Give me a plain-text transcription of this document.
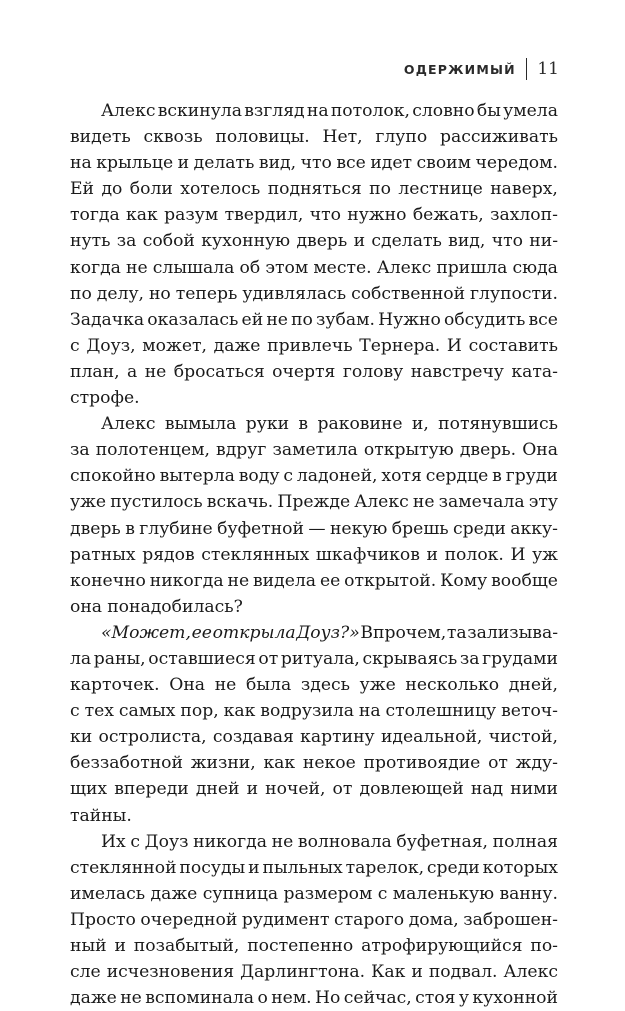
ОДЕРЖИМЫЙ 11
Алекс вскинула взгляд на потолок, словно бы умела
видеть сквозь половицы. Нет, глупо рассиживать
на крыльце и делать вид, что все идет своим чередом.
Ей до боли хотелось подняться по лестнице наверх,
тогда как разум твердил, что нужно бежать, захлоп-
нуть за собой кухонную дверь и сделать вид, что ни-
когда не слышала об этом месте. Алекс пришла сюда
по делу, но теперь удивлялась собственной глупости.
Задачка оказалась ей не по зубам. Нужно обсудить все
с Доуз, может, даже привлечь Тернера. И составить
план, а не бросаться очертя голову навстречу ката-
строфе.
Алекс вымыла руки в раковине и, потянувшись
за полотенцем, вдруг заметила открытую дверь. Она
спокойно вытерла воду с ладоней, хотя сердце в груди
уже пустилось вскачь. Прежде Алекс не замечала эту
дверь в глубине буфетной — некую брешь среди акку-
ратных рядов стеклянных шкафчиков и полок. И уж
конечно никогда не видела ее открытой. Кому вообще
она понадобилась?
«Может, ее открыла Доуз?» Впрочем, та зализыва-
ла раны, оставшиеся от ритуала, скрываясь за грудами
карточек. Она не была здесь уже несколько дней,
с тех самых пор, как водрузила на столешницу веточ-
ки остролиста, создавая картину идеальной, чистой,
беззаботной жизни, как некое противоядие от жду-
щих впереди дней и ночей, от довлеющей над ними
тайны.
Их с Доуз никогда не волновала буфетная, полная
стеклянной посуды и пыльных тарелок, среди которых
имелась даже супница размером с маленькую ванну.
Просто очередной рудимент старого дома, заброшен-
ный и позабытый, постепенно атрофирующийся по-
сле исчезновения Дарлингтона. Как и подвал. Алекс
даже не вспоминала о нем. Но сейчас, стоя у кухонной
